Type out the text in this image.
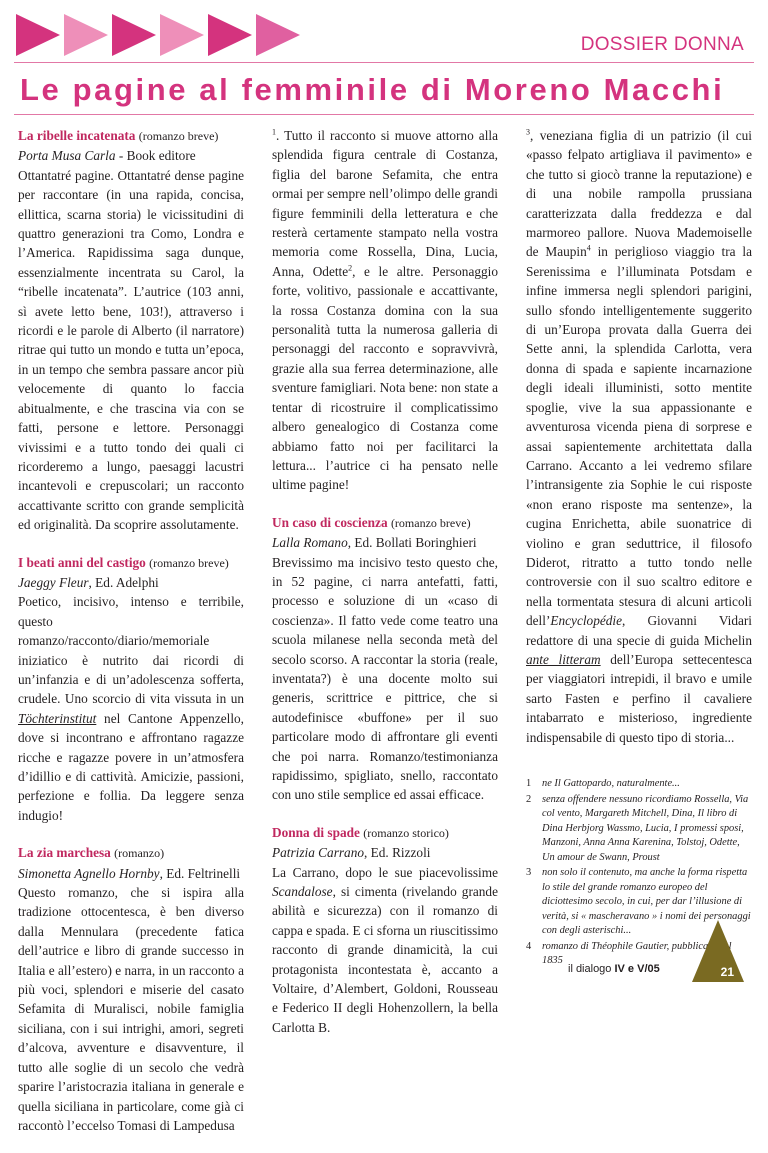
DOSSIER DONNA
Le pagine al femminile di Moreno Macchi
La ribelle incatenata (romanzo breve)
Porta Musa Carla - Book editore

Ottantatré pagine. Ottantatré dense pagine per raccontare (in una rapida, concisa, ellittica, scarna storia) le vicissitudini di quattro generazioni tra Como, Londra e l’America. Rapidissima saga dunque, essenzialmente incentrata su Carol, la “ribelle incatenata”. L’autrice (103 anni, sì avete letto bene, 103!), attraverso i ricordi e le parole di Alberto (il narratore) ritrae qui tutto un mondo e tutta un’epoca, in un tempo che sembra passare ancor più velocemente di quanto lo faccia abitualmente, e che trascina via con se fatti, persone e lettore. Personaggi vivissimi e a tutto tondo dei quali ci ricorderemo a lungo, paesaggi lacustri incantevoli e crepuscolari; un racconto accattivante scritto con grande semplicità ed originalità. Da scoprire assolutamente.

I beati anni del castigo (romanzo breve)
Jaeggy Fleur, Ed. Adelphi

Poetico, incisivo, intenso e terribile, questo romanzo/racconto/diario/memoriale iniziatico è nutrito dai ricordi di un’infanzia e di un’adolescenza sofferta, crudele. Uno scorcio di vita vissuta in un Töchterinstitut nel Cantone Appenzello, dove si incontrano e affrontano ragazze ricche e ragazze povere in un’atmosfera d’idillio e di cattività. Amicizie, passioni, perfezione e follia. Da leggere senza indugio!

La zia marchesa (romanzo)
Simonetta Agnello Hornby, Ed. Feltrinelli

Questo romanzo, che si ispira alla tradizione ottocentesca, è ben diverso dalla Mennulara (precedente fatica dell’autrice e libro di grande successo in Italia e all’estero) e narra, in un racconto a più voci, splendori e miserie del casato Sefamita di Muralisci, nobile famiglia siciliana, con i sui intrighi, amori, segreti d’alcova, avventure e disavventure, il tutto alle soglie di un secolo che vedrà sparire l’aristocrazia italiana in generale e quella siciliana in particolare, come già ci raccontò l’eccelso Tomasi di Lampedusa

$^1$. Tutto il racconto si muove attorno alla splendida figura centrale di Costanza, figlia del barone Sefamita, che entra ormai per sempre nell’olimpo delle grandi figure femminili della letteratura e che resterà certamente stampato nella vostra memoria come Rossella, Dina, Lucia, Anna, Odette$^2$, e le altre. Personaggio forte, volitivo, passionale e accattivante, la rossa Costanza domina con la sua personalità tutta la numerosa galleria di personaggi del racconto e sopravvivrà, grazie alla sua ferrea determinazione, alle sventure famigliari. Nota bene: non state a tentar di ricostruire il complicatissimo albero genealogico di Costanza come abbiamo fatto noi per facilitarci la lettura... l’autrice ci ha pensato nelle ultime pagine!

Un caso di coscienza (romanzo breve)
Lalla Romano, Ed. Bollati Boringhieri

Brevissimo ma incisivo testo questo che, in 52 pagine, ci narra antefatti, fatti, processo e soluzione di un «caso di coscienza». Il fatto vede come teatro una scuola milanese nella seconda metà del secolo scorso. A raccontar la storia (reale, inventata?) è una docente molto sui generis, scrittrice e pittrice, che si autodefinisce «buffone» per il suo particolare modo di affrontare gli eventi che poi narra. Romanzo/testimonianza rapidissimo, spigliato, snello, raccontato con uno stile semplice ed assai efficace.

Donna di spade (romanzo storico)
Patrizia Carrano, Ed. Rizzoli

La Carrano, dopo le sue piacevolissime Scandalose, si cimenta (rivelando grande abilità e sicurezza) con il romanzo di cappa e spada. E ci sforna un riuscitissimo racconto di grande dinamicità, la cui protagonista incontestata è, accanto a Voltaire, d’Alembert, Goldoni, Rousseau e Federico II degli Hohenzollern, la bella Carlotta B.

$^3$, veneziana figlia di un patrizio (il cui «passo felpato artigliava il pavimento» e che tutto si giocò tranne la reputazione) e di una nobile rampolla prussiana caratterizzata dalla freddezza e dal marmoreo pallore. Nuova Mademoiselle de Maupin$^4$ in periglioso viaggio tra la Serenissima e l’illuminata Potsdam e infine immersa negli splendori parigini, sullo sfondo intelligentemente suggerito di un’Europa provata dalla Guerra dei Sette anni, la splendida Carlotta, vera donna di spada e sapiente incarnazione degli ideali illuministi, sotto mentite spoglie, vive la sua appassionante e avventurosa vicenda piena di sorprese e assai sapientemente architettata dalla Carrano. Accanto a lei vedremo sfilare l’intransigente zia Sophie le cui risposte «non erano risposte ma sentenze», la cugina Enrichetta, abile suonatrice di violino e gran seduttrice, il filosofo Diderot, ritratto a tutto tondo nelle controversie con il suo scaltro editore e nella tormentata stesura di alcuni articoli dell’Encyclopédie, Giovanni Vidari redattore di una specie di guida Michelin ante litteram dell’Europa settecentesca per viaggiatori intrepidi, il bravo e umile sarto Fasten e perfino il cavaliere intabarrato e misterioso, ingrediente indispensabile di questo tipo di storia...

1	ne Il Gattopardo, naturalmente...
2	senza offendere nessuno ricordiamo Rossella, Via col vento, Margareth Mitchell, Dina, Il libro di Dina Herbjorg Wassmo, Lucia, I promessi sposi, Manzoni, Anna Anna Karenina, Tolstoj, Odette, Un amour de Swann, Proust
3	non solo il contenuto, ma anche la forma rispetta lo stile del grande romanzo europeo del diciottesimo secolo, in cui, per dar l’illusione di verità, si « mascheravano » i nomi dei personaggi con degli asterischi...
4	romanzo di Théophile Gautier, pubblicato nel 1835
il dialogo IV e V/05	21
